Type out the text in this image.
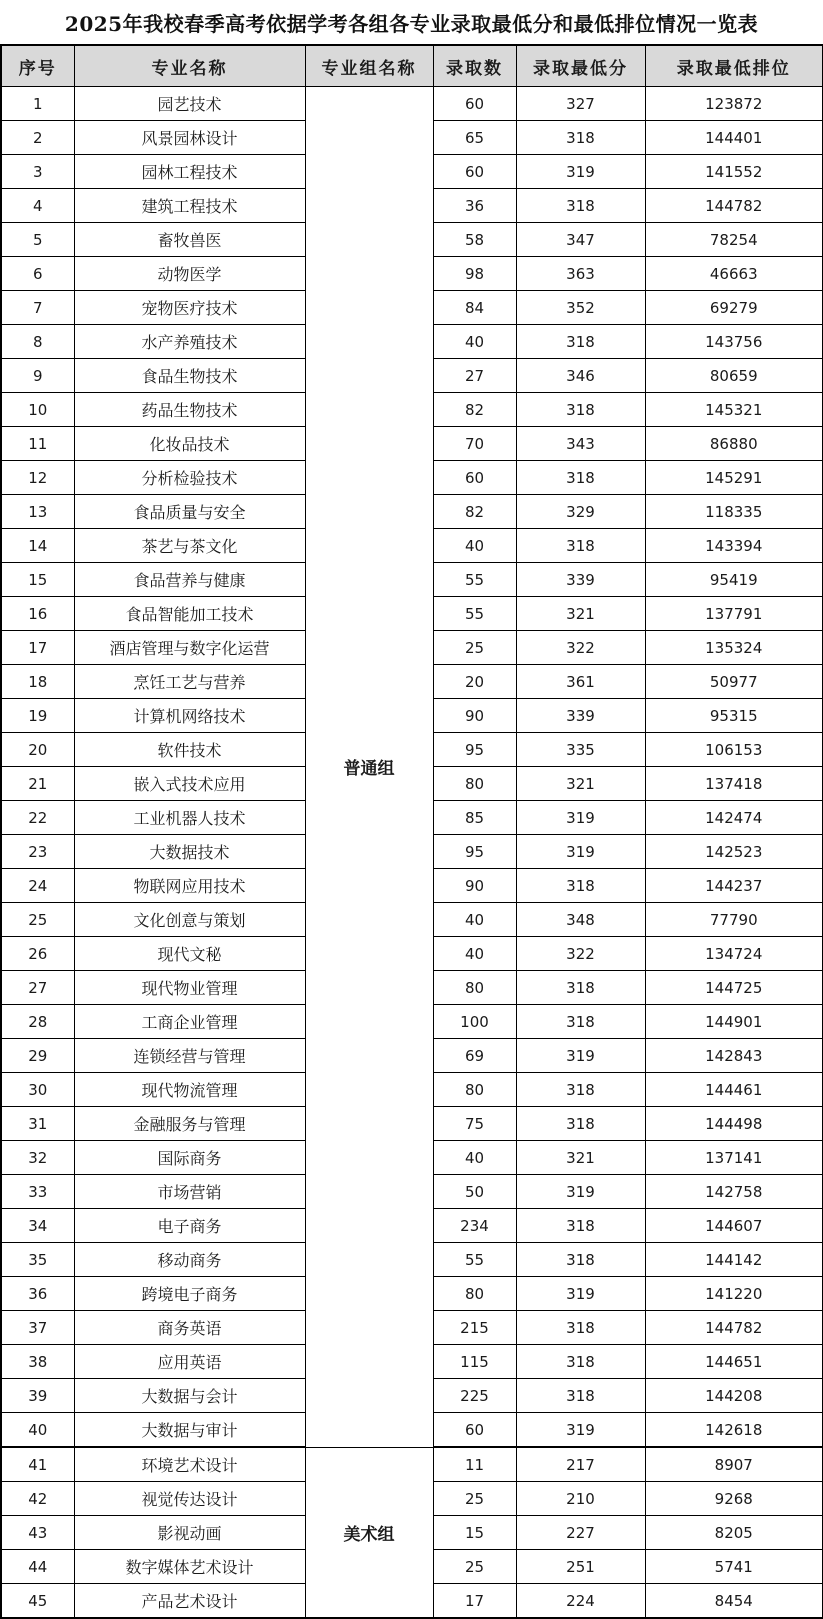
2025年我校春季高考依据学考各组各专业录取最低分和最低排位情况一览表
序号	专业名称	专业组名称	录取数	录取最低分	录取最低排位
1	园艺技术	普通组	60	327	123872
2	风景园林设计		65	318	144401
3	园林工程技术		60	319	141552
4	建筑工程技术		36	318	144782
5	畜牧兽医		58	347	78254
6	动物医学		98	363	46663
7	宠物医疗技术		84	352	69279
8	水产养殖技术		40	318	143756
9	食品生物技术		27	346	80659
10	药品生物技术		82	318	145321
11	化妆品技术		70	343	86880
12	分析检验技术		60	318	145291
13	食品质量与安全		82	329	118335
14	茶艺与茶文化		40	318	143394
15	食品营养与健康		55	339	95419
16	食品智能加工技术		55	321	137791
17	酒店管理与数字化运营		25	322	135324
18	烹饪工艺与营养		20	361	50977
19	计算机网络技术		90	339	95315
20	软件技术		95	335	106153
21	嵌入式技术应用		80	321	137418
22	工业机器人技术		85	319	142474
23	大数据技术		95	319	142523
24	物联网应用技术		90	318	144237
25	文化创意与策划		40	348	77790
26	现代文秘		40	322	134724
27	现代物业管理		80	318	144725
28	工商企业管理		100	318	144901
29	连锁经营与管理		69	319	142843
30	现代物流管理		80	318	144461
31	金融服务与管理		75	318	144498
32	国际商务		40	321	137141
33	市场营销		50	319	142758
34	电子商务		234	318	144607
35	移动商务		55	318	144142
36	跨境电子商务		80	319	141220
37	商务英语		215	318	144782
38	应用英语		115	318	144651
39	大数据与会计		225	318	144208
40	大数据与审计		60	319	142618
41	环境艺术设计	美术组	11	217	8907
42	视觉传达设计		25	210	9268
43	影视动画		15	227	8205
44	数字媒体艺术设计		25	251	5741
45	产品艺术设计		17	224	8454
